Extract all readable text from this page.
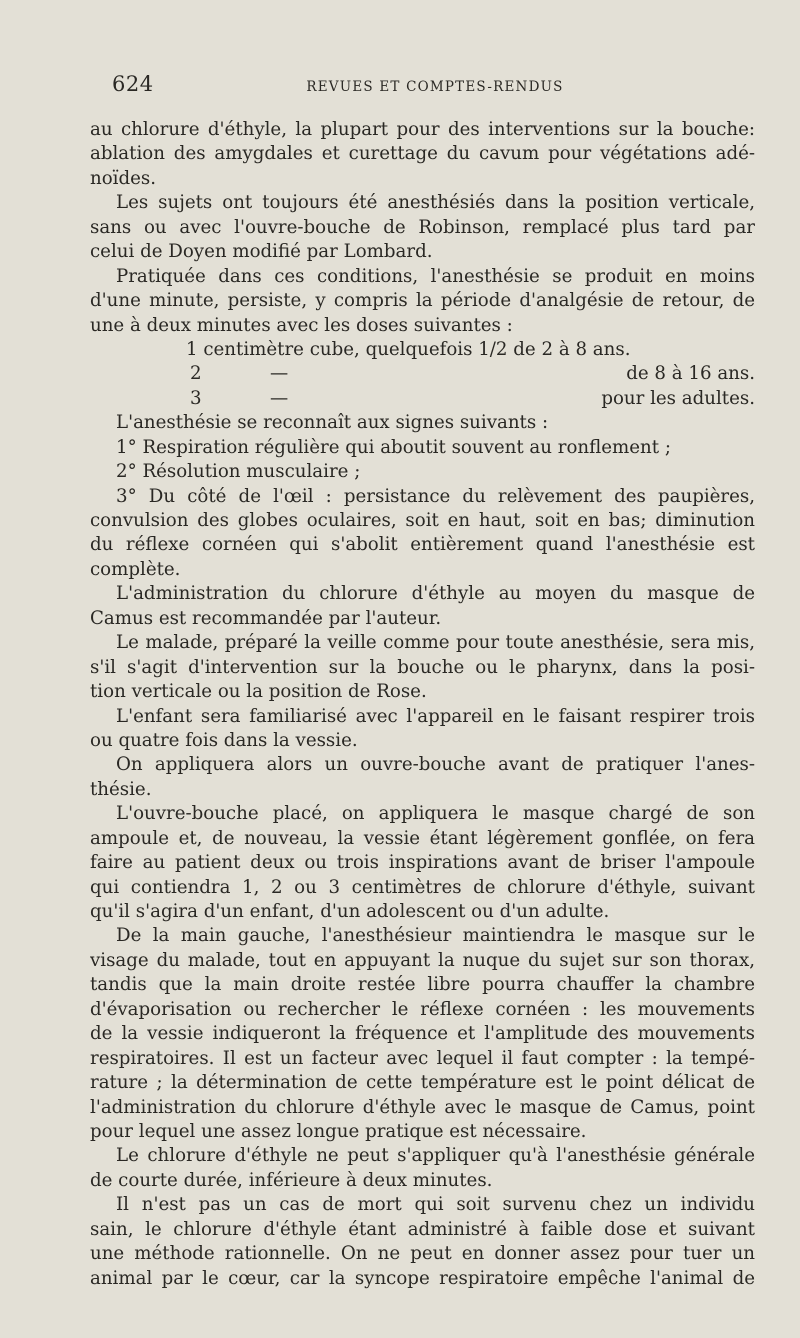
624	REVUES ET COMPTES-RENDUS
au chlorure d'éthyle, la plupart pour des interventions sur la bouche:
ablation des amygdales et curettage du cavum pour végétations adé-
noïdes.
Les sujets ont toujours été anesthésiés dans la position verticale,
sans ou avec l'ouvre-bouche de Robinson, remplacé plus tard par
celui de Doyen modifié par Lombard.
Pratiquée dans ces conditions, l'anesthésie se produit en moins
d'une minute, persiste, y compris la période d'analgésie de retour, de
une à deux minutes avec les doses suivantes :
1 centimètre cube, quelquefois 1/2 de 2 à 8 ans.
2	—	de 8 à 16 ans.
3	—	pour les adultes.
L'anesthésie se reconnaît aux signes suivants :
1° Respiration régulière qui aboutit souvent au ronflement ;
2° Résolution musculaire ;
3° Du côté de l'œil : persistance du relèvement des paupières,
convulsion des globes oculaires, soit en haut, soit en bas; diminution
du réflexe cornéen qui s'abolit entièrement quand l'anesthésie est
complète.
L'administration du chlorure d'éthyle au moyen du masque de
Camus est recommandée par l'auteur.
Le malade, préparé la veille comme pour toute anesthésie, sera mis,
s'il s'agit d'intervention sur la bouche ou le pharynx, dans la posi-
tion verticale ou la position de Rose.
L'enfant sera familiarisé avec l'appareil en le faisant respirer trois
ou quatre fois dans la vessie.
On appliquera alors un ouvre-bouche avant de pratiquer l'anes-
thésie.
L'ouvre-bouche placé, on appliquera le masque chargé de son
ampoule et, de nouveau, la vessie étant légèrement gonflée, on fera
faire au patient deux ou trois inspirations avant de briser l'ampoule
qui contiendra 1, 2 ou 3 centimètres de chlorure d'éthyle, suivant
qu'il s'agira d'un enfant, d'un adolescent ou d'un adulte.
De la main gauche, l'anesthésieur maintiendra le masque sur le
visage du malade, tout en appuyant la nuque du sujet sur son thorax,
tandis que la main droite restée libre pourra chauffer la chambre
d'évaporisation ou rechercher le réflexe cornéen : les mouvements
de la vessie indiqueront la fréquence et l'amplitude des mouvements
respiratoires. Il est un facteur avec lequel il faut compter : la tempé-
rature ; la détermination de cette température est le point délicat de
l'administration du chlorure d'éthyle avec le masque de Camus, point
pour lequel une assez longue pratique est nécessaire.
Le chlorure d'éthyle ne peut s'appliquer qu'à l'anesthésie générale
de courte durée, inférieure à deux minutes.
Il n'est pas un cas de mort qui soit survenu chez un individu
sain, le chlorure d'éthyle étant administré à faible dose et suivant
une méthode rationnelle. On ne peut en donner assez pour tuer un
animal par le cœur, car la syncope respiratoire empêche l'animal de
